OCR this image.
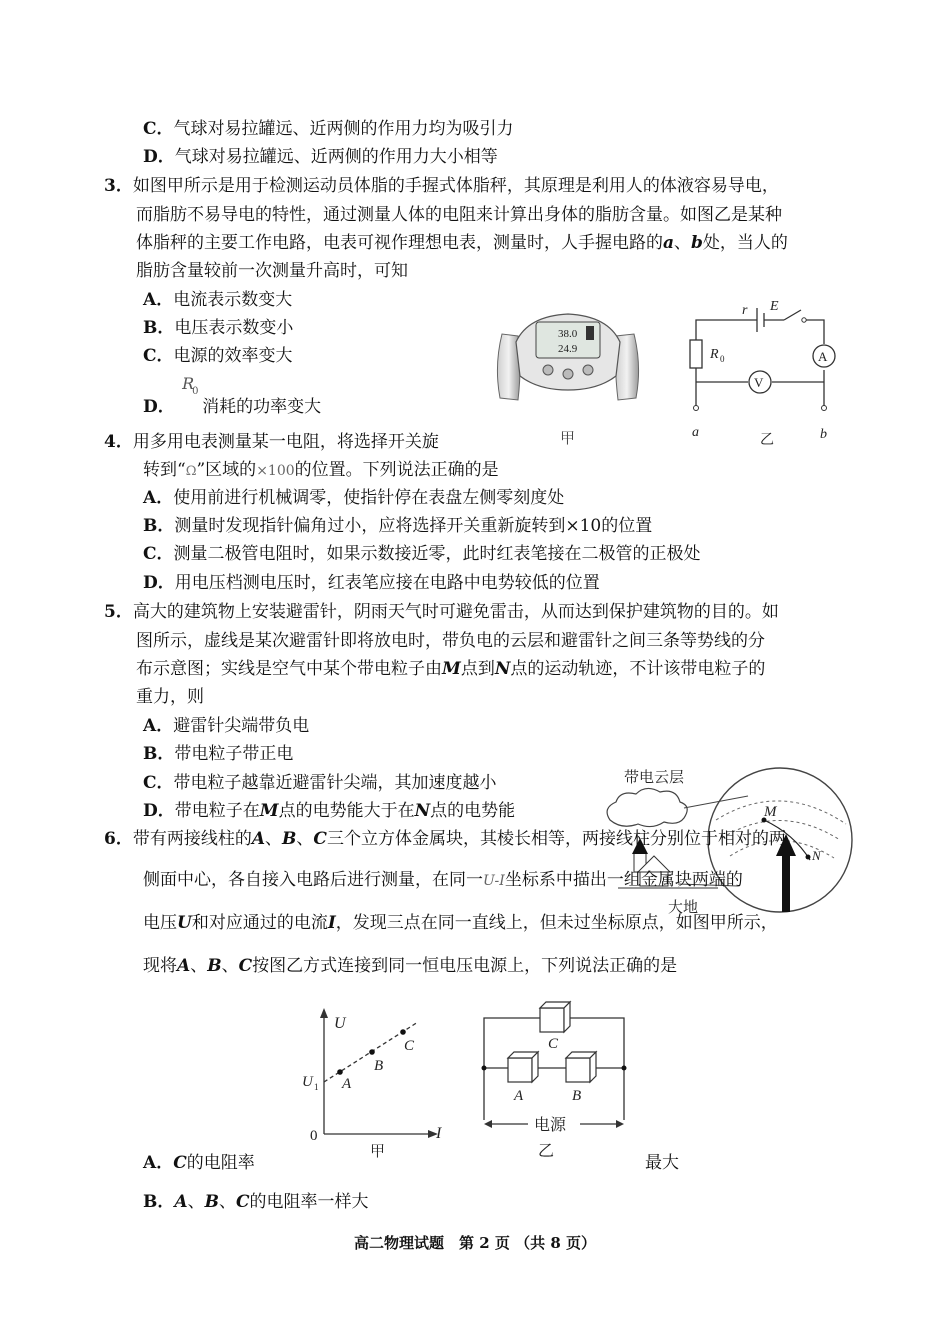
C．气球对易拉罐远、近两侧的作用力均为吸引力
D．气球对易拉罐远、近两侧的作用力大小相等
3．如图甲所示是用于检测运动员体脂的手握式体脂秤，其原理是利用人的体液容易导电，
而脂肪不易导电的特性，通过测量人体的电阻来计算出身体的脂肪含量。如图乙是某种
体脂秤的主要工作电路，电表可视作理想电表，测量时，人手握电路的a、b处，当人的
脂肪含量较前一次测量升高时，可知
A．电流表示数变大
B．电压表示数变小
C．电源的效率变大
D．
R
0
消耗的功率变大
38.0
24.9
甲
A
V
r E
R 0
a	b
乙
4．用多用电表测量某一电阻，将选择开关旋
转到“Ω”区域的×100的位置。下列说法正确的是
A．使用前进行机械调零，使指针停在表盘左侧零刻度处
B．测量时发现指针偏角过小，应将选择开关重新旋转到×10的位置
C．测量二极管电阻时，如果示数接近零，此时红表笔接在二极管的正极处
D．用电压档测电压时，红表笔应接在电路中电势较低的位置
5．高大的建筑物上安装避雷针，阴雨天气时可避免雷击，从而达到保护建筑物的目的。如
图所示，虚线是某次避雷针即将放电时，带负电的云层和避雷针之间三条等势线的分
布示意图；实线是空气中某个带电粒子由M点到N点的运动轨迹，不计该带电粒子的
重力，则
A．避雷针尖端带负电
B．带电粒子带正电
C．带电粒子越靠近避雷针尖端，其加速度越小
D．带电粒子在M点的电势能大于在N点的电势能
带电云层
M
N
大地
6．带有两接线柱的A、B、C三个立方体金属块，其棱长相等，两接线柱分别位于相对的两
侧面中心，各自接入电路后进行测量，在同一U-I坐标系中描出一组金属块两端的
电压U和对应通过的电流I，发现三点在同一直线上，但未过坐标原点，如图甲所示，
现将A、B、C按图乙方式连接到同一恒电压电源上，下列说法正确的是
U
I
0
U 1 A
B
C
甲
C
A	B
电源
乙
A．C的电阻率	最大
B．A、B、C的电阻率一样大
高二物理试题　第 2 页 （共 8 页）
